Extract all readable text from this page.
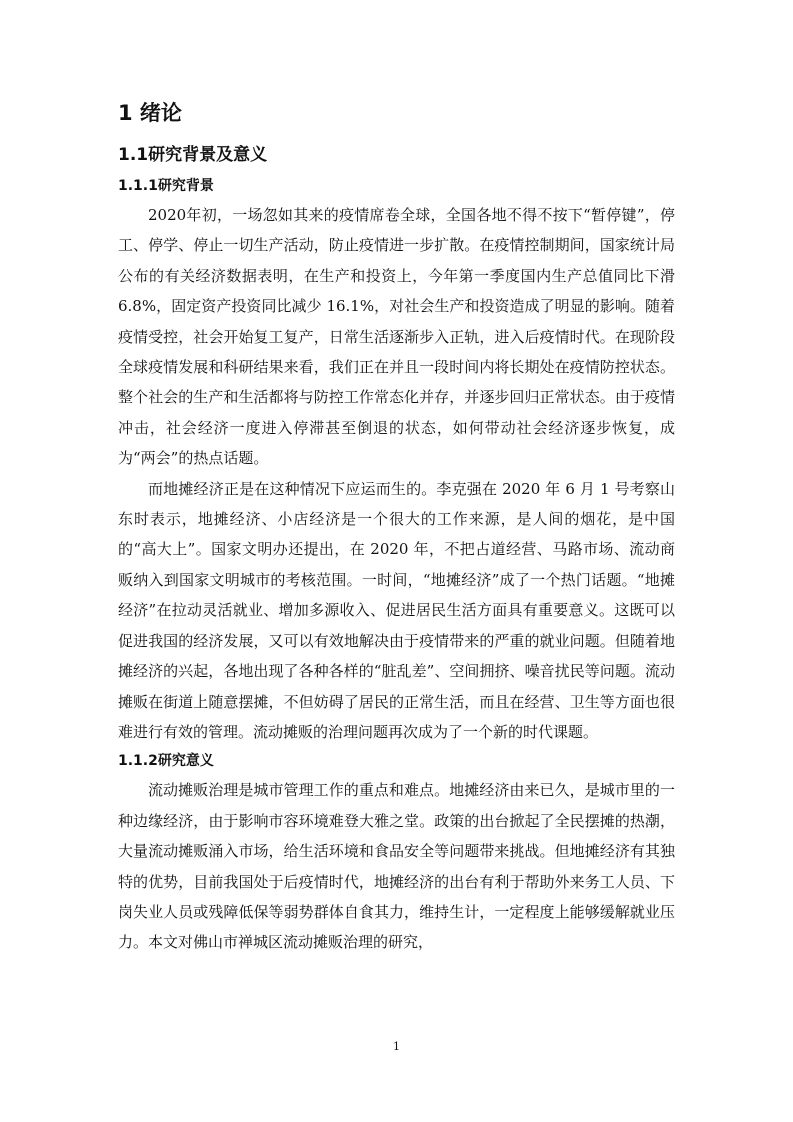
1 绪论
1.1研究背景及意义
1.1.1研究背景

2020年初，一场忽如其来的疫情席卷全球，全国各地不得不按下“暂停键”，停工、停学、停止一切生产活动，防止疫情进一步扩散。在疫情控制期间，国家统计局公布的有关经济数据表明，在生产和投资上，今年第一季度国内生产总值同比下滑 6.8%，固定资产投资同比减少 16.1%，对社会生产和投资造成了明显的影响。随着疫情受控，社会开始复工复产，日常生活逐渐步入正轨，进入后疫情时代。在现阶段全球疫情发展和科研结果来看，我们正在并且一段时间内将长期处在疫情防控状态。整个社会的生产和生活都将与防控工作常态化并存，并逐步回归正常状态。由于疫情冲击，社会经济一度进入停滞甚至倒退的状态，如何带动社会经济逐步恢复，成为“两会”的热点话题。

而地摊经济正是在这种情况下应运而生的。李克强在 2020 年 6 月 1 号考察山东时表示，地摊经济、小店经济是一个很大的工作来源，是人间的烟花，是中国的“高大上”。国家文明办还提出，在 2020 年，不把占道经营、马路市场、流动商贩纳入到国家文明城市的考核范围。一时间，“地摊经济”成了一个热门话题。“地摊经济”在拉动灵活就业、增加多源收入、促进居民生活方面具有重要意义。这既可以促进我国的经济发展，又可以有效地解决由于疫情带来的严重的就业问题。但随着地摊经济的兴起，各地出现了各种各样的“脏乱差”、空间拥挤、噪音扰民等问题。流动摊贩在街道上随意摆摊，不但妨碍了居民的正常生活，而且在经营、卫生等方面也很难进行有效的管理。流动摊贩的治理问题再次成为了一个新的时代课题。

1.1.2研究意义

流动摊贩治理是城市管理工作的重点和难点。地摊经济由来已久，是城市里的一种边缘经济，由于影响市容环境难登大雅之堂。政策的出台掀起了全民摆摊的热潮，大量流动摊贩涌入市场，给生活环境和食品安全等问题带来挑战。但地摊经济有其独特的优势，目前我国处于后疫情时代，地摊经济的出台有利于帮助外来务工人员、下岗失业人员或残障低保等弱势群体自食其力，维持生计，一定程度上能够缓解就业压力。本文对佛山市禅城区流动摊贩治理的研究，

1
